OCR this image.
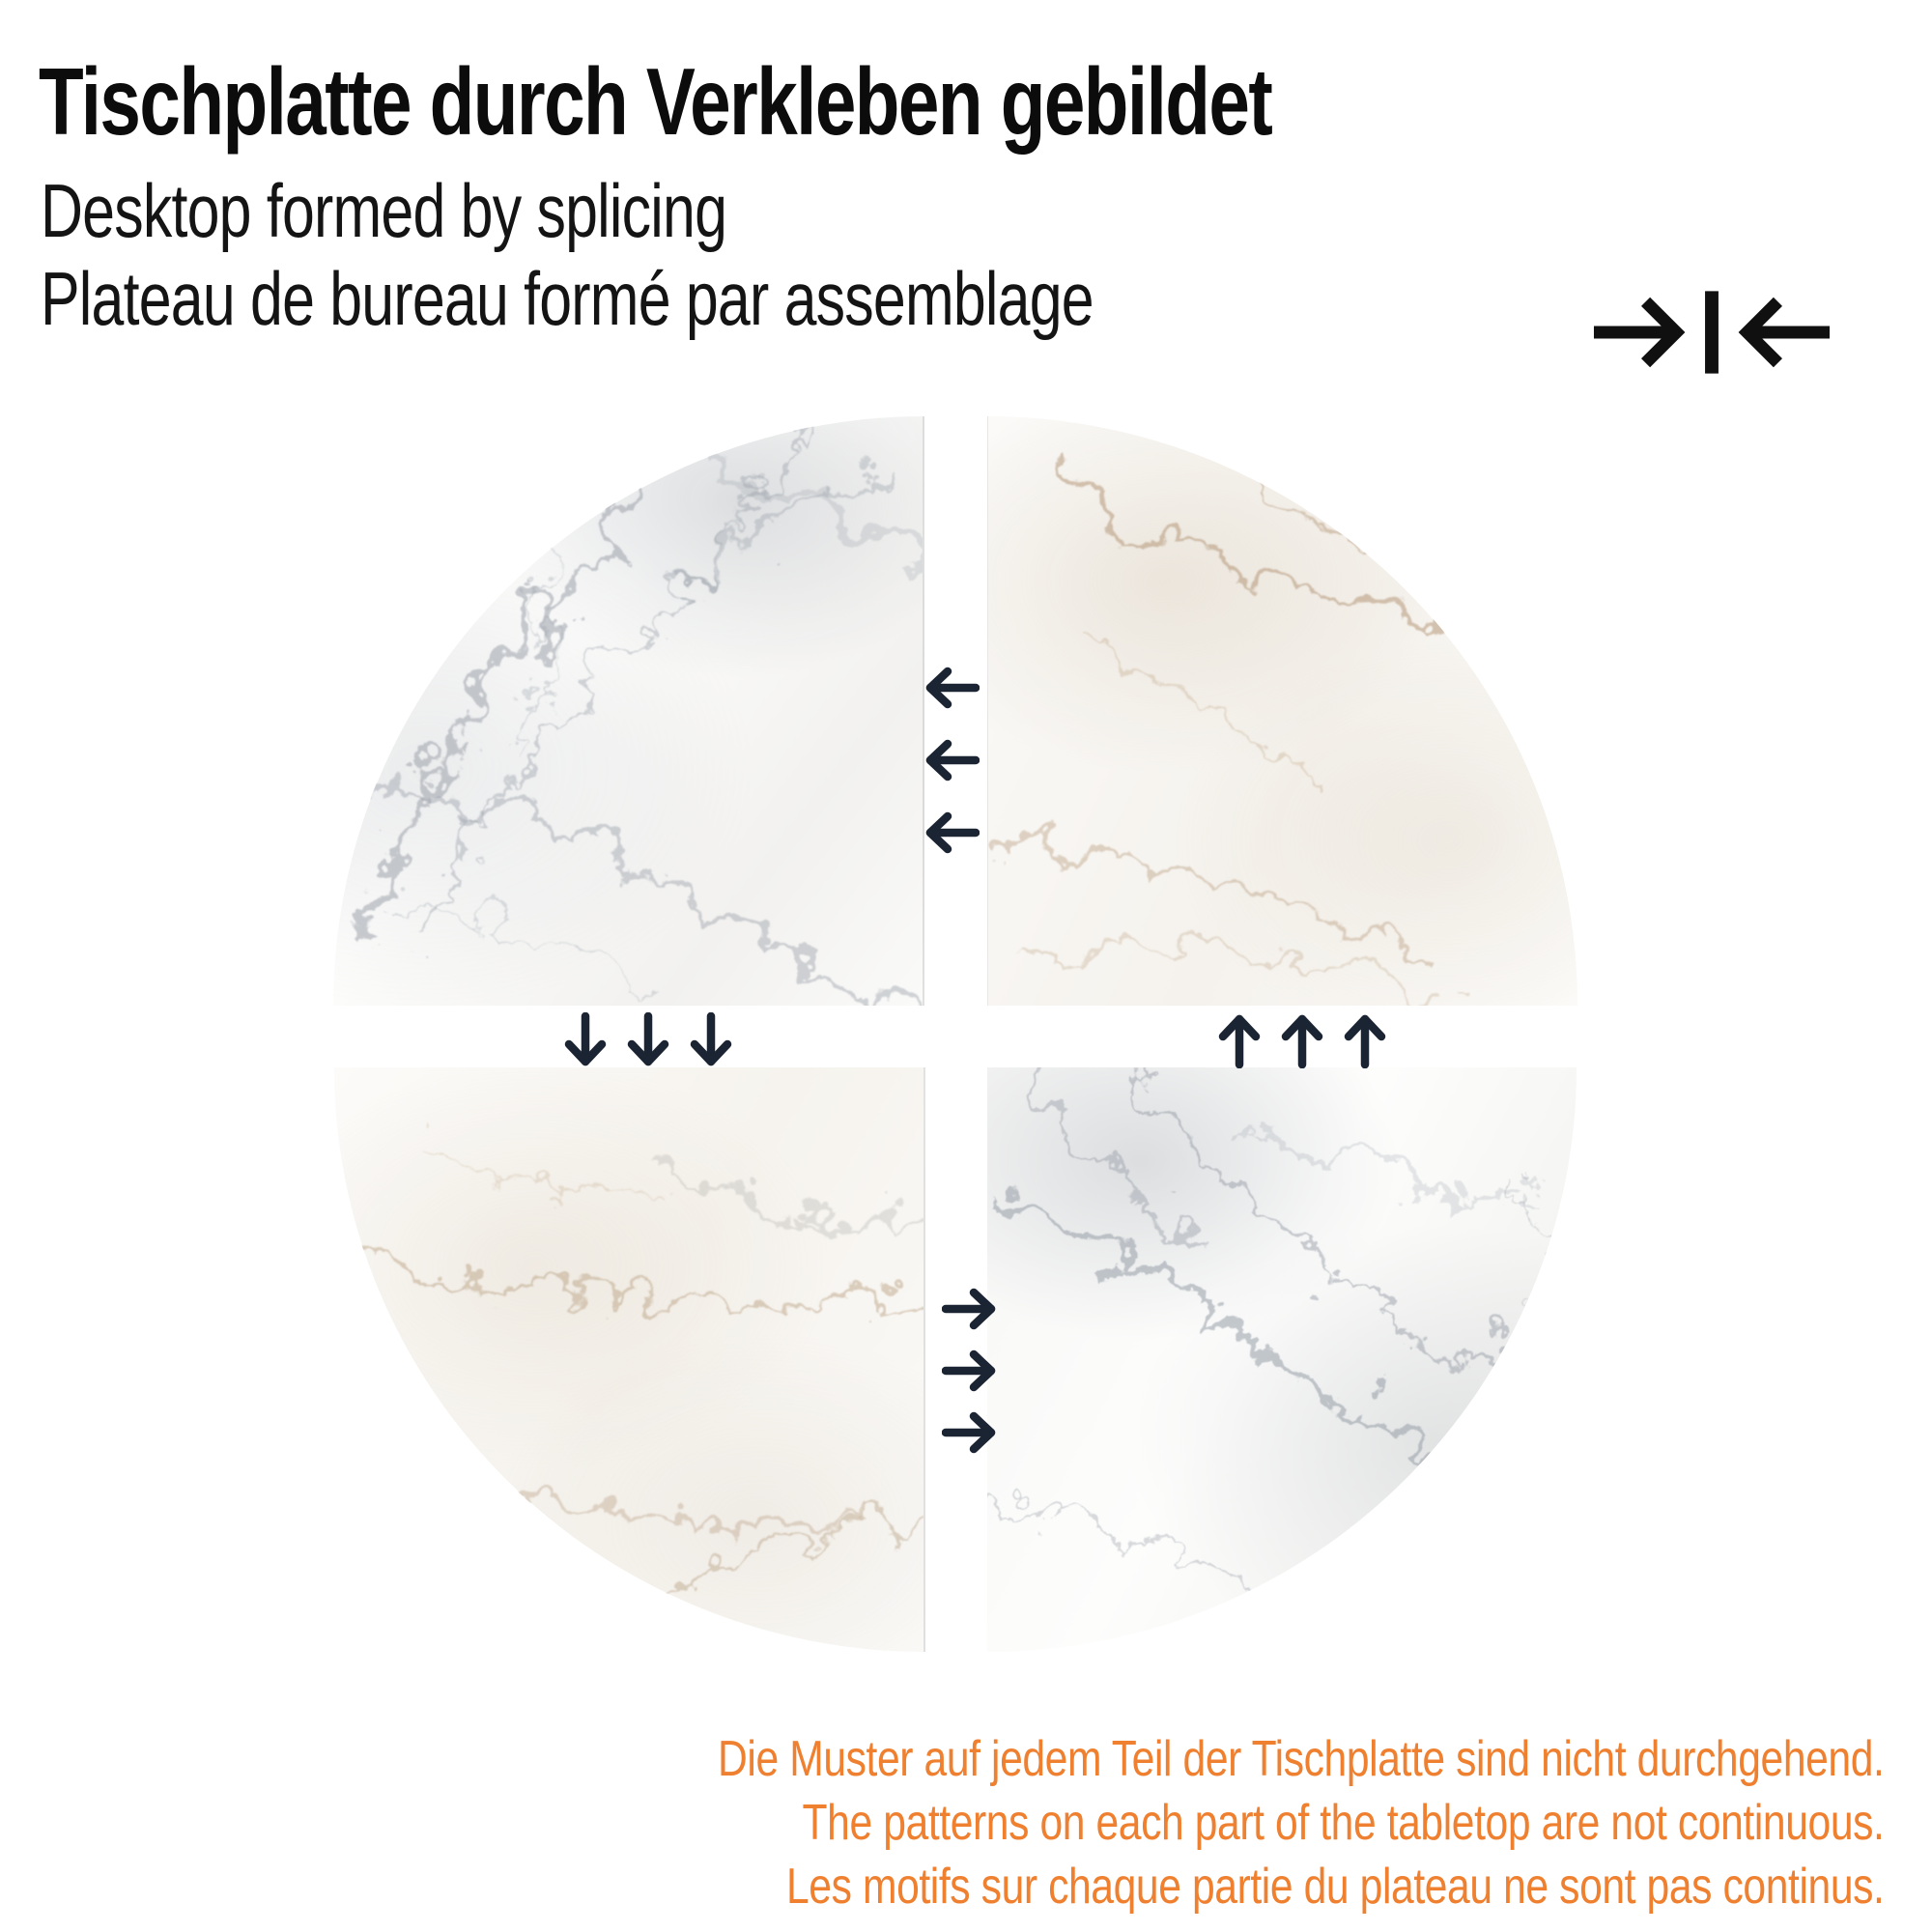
Tischplatte durch Verkleben gebildet
Desktop formed by splicing
Plateau de bureau formé par assemblage
Die Muster auf jedem Teil der Tischplatte sind nicht durchgehend.
The patterns on each part of the tabletop are not continuous.
Les motifs sur chaque partie du plateau ne sont pas continus.
